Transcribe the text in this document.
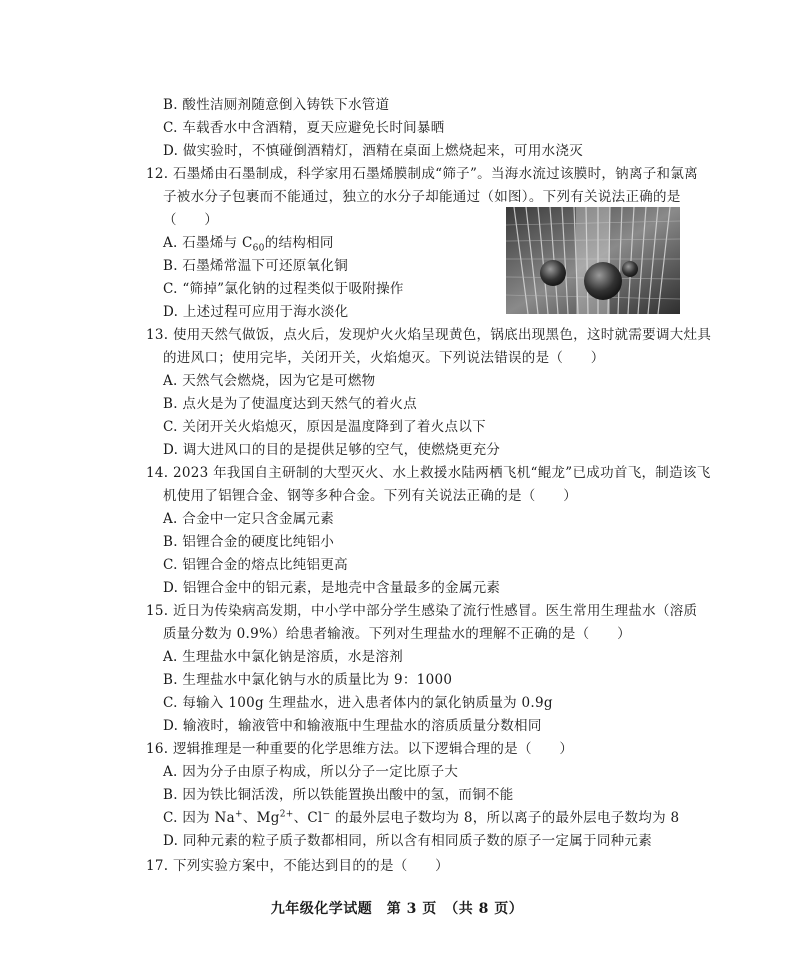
B. 酸性洁厕剂随意倒入铸铁下水管道
C. 车载香水中含酒精，夏天应避免长时间暴晒
D. 做实验时，不慎碰倒酒精灯，酒精在桌面上燃烧起来，可用水浇灭
12. 石墨烯由石墨制成，科学家用石墨烯膜制成“筛子”。当海水流过该膜时，钠离子和氯离
子被水分子包裹而不能通过，独立的水分子却能通过（如图）。下列有关说法正确的是
（　　）
A. 石墨烯与 $C_{60}$的结构相同
B. 石墨烯常温下可还原氧化铜
C. “筛掉”氯化钠的过程类似于吸附操作
D. 上述过程可应用于海水淡化
13. 使用天然气做饭，点火后，发现炉火火焰呈现黄色，锅底出现黑色，这时就需要调大灶具
的进风口；使用完毕，关闭开关，火焰熄灭。下列说法错误的是（　　）
A. 天然气会燃烧，因为它是可燃物
B. 点火是为了使温度达到天然气的着火点
C. 关闭开关火焰熄灭，原因是温度降到了着火点以下
D. 调大进风口的目的是提供足够的空气，使燃烧更充分
14. 2023 年我国自主研制的大型灭火、水上救援水陆两栖飞机“鲲龙”已成功首飞，制造该飞
机使用了铝锂合金、钢等多种合金。下列有关说法正确的是（　　）
A. 合金中一定只含金属元素
B. 铝锂合金的硬度比纯铝小
C. 铝锂合金的熔点比纯铝更高
D. 铝锂合金中的铝元素，是地壳中含量最多的金属元素
15. 近日为传染病高发期，中小学中部分学生感染了流行性感冒。医生常用生理盐水（溶质
质量分数为 0.9%）给患者输液。下列对生理盐水的理解不正确的是（　　）
A. 生理盐水中氯化钠是溶质，水是溶剂
B. 生理盐水中氯化钠与水的质量比为 9：1000
C. 每输入 100g 生理盐水，进入患者体内的氯化钠质量为 0.9g
D. 输液时，输液管中和输液瓶中生理盐水的溶质质量分数相同
16. 逻辑推理是一种重要的化学思维方法。以下逻辑合理的是（　　）
A. 因为分子由原子构成，所以分子一定比原子大
B. 因为铁比铜活泼，所以铁能置换出酸中的氢，而铜不能
C. 因为 Na+、$Mg^{2+}$、Cl− 的最外层电子数均为 8，所以离子的最外层电子数均为 8
D. 同种元素的粒子质子数都相同，所以含有相同质子数的原子一定属于同种元素
17. 下列实验方案中，不能达到目的的是（　　）
九年级化学试题　第 3 页　（共 8 页）
